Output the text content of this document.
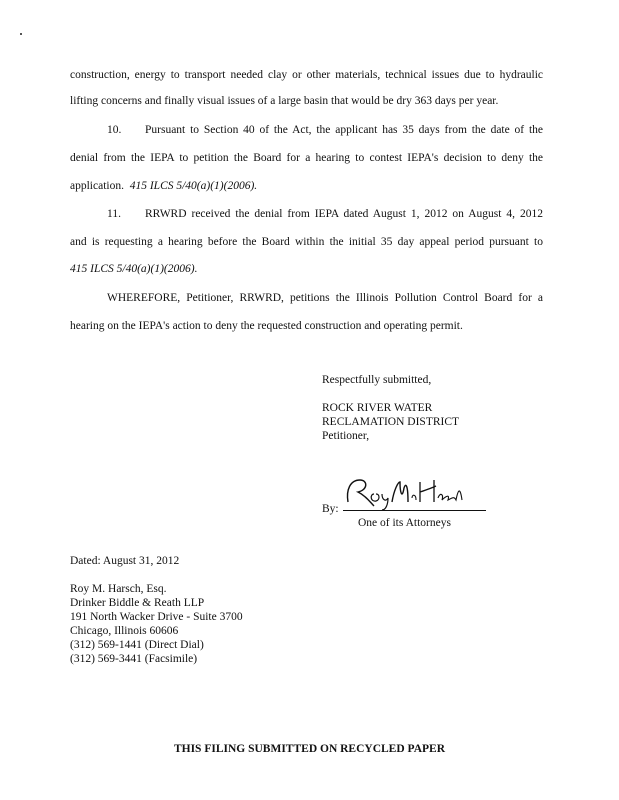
construction, energy to transport needed clay or other materials, technical issues due to hydraulic
lifting concerns and finally visual issues of a large basin that would be dry 363 days per year.
10. Pursuant to Section 40 of the Act, the applicant has 35 days from the date of the
denial from the IEPA to petition the Board for a hearing to contest IEPA's decision to deny the
application. 415 ILCS 5/40(a)(1)(2006).
11. RRWRD received the denial from IEPA dated August 1, 2012 on August 4, 2012
and is requesting a hearing before the Board within the initial 35 day appeal period pursuant to
415 ILCS 5/40(a)(1)(2006).
WHEREFORE, Petitioner, RRWRD, petitions the Illinois Pollution Control Board for a
hearing on the IEPA's action to deny the requested construction and operating permit.
Respectfully submitted,
ROCK RIVER WATER
RECLAMATION DISTRICT
Petitioner,
By:
One of its Attorneys
Dated: August 31, 2012
Roy M. Harsch, Esq.
Drinker Biddle & Reath LLP
191 North Wacker Drive - Suite 3700
Chicago, Illinois 60606
(312) 569-1441 (Direct Dial)
(312) 569-3441 (Facsimile)
THIS FILING SUBMITTED ON RECYCLED PAPER
